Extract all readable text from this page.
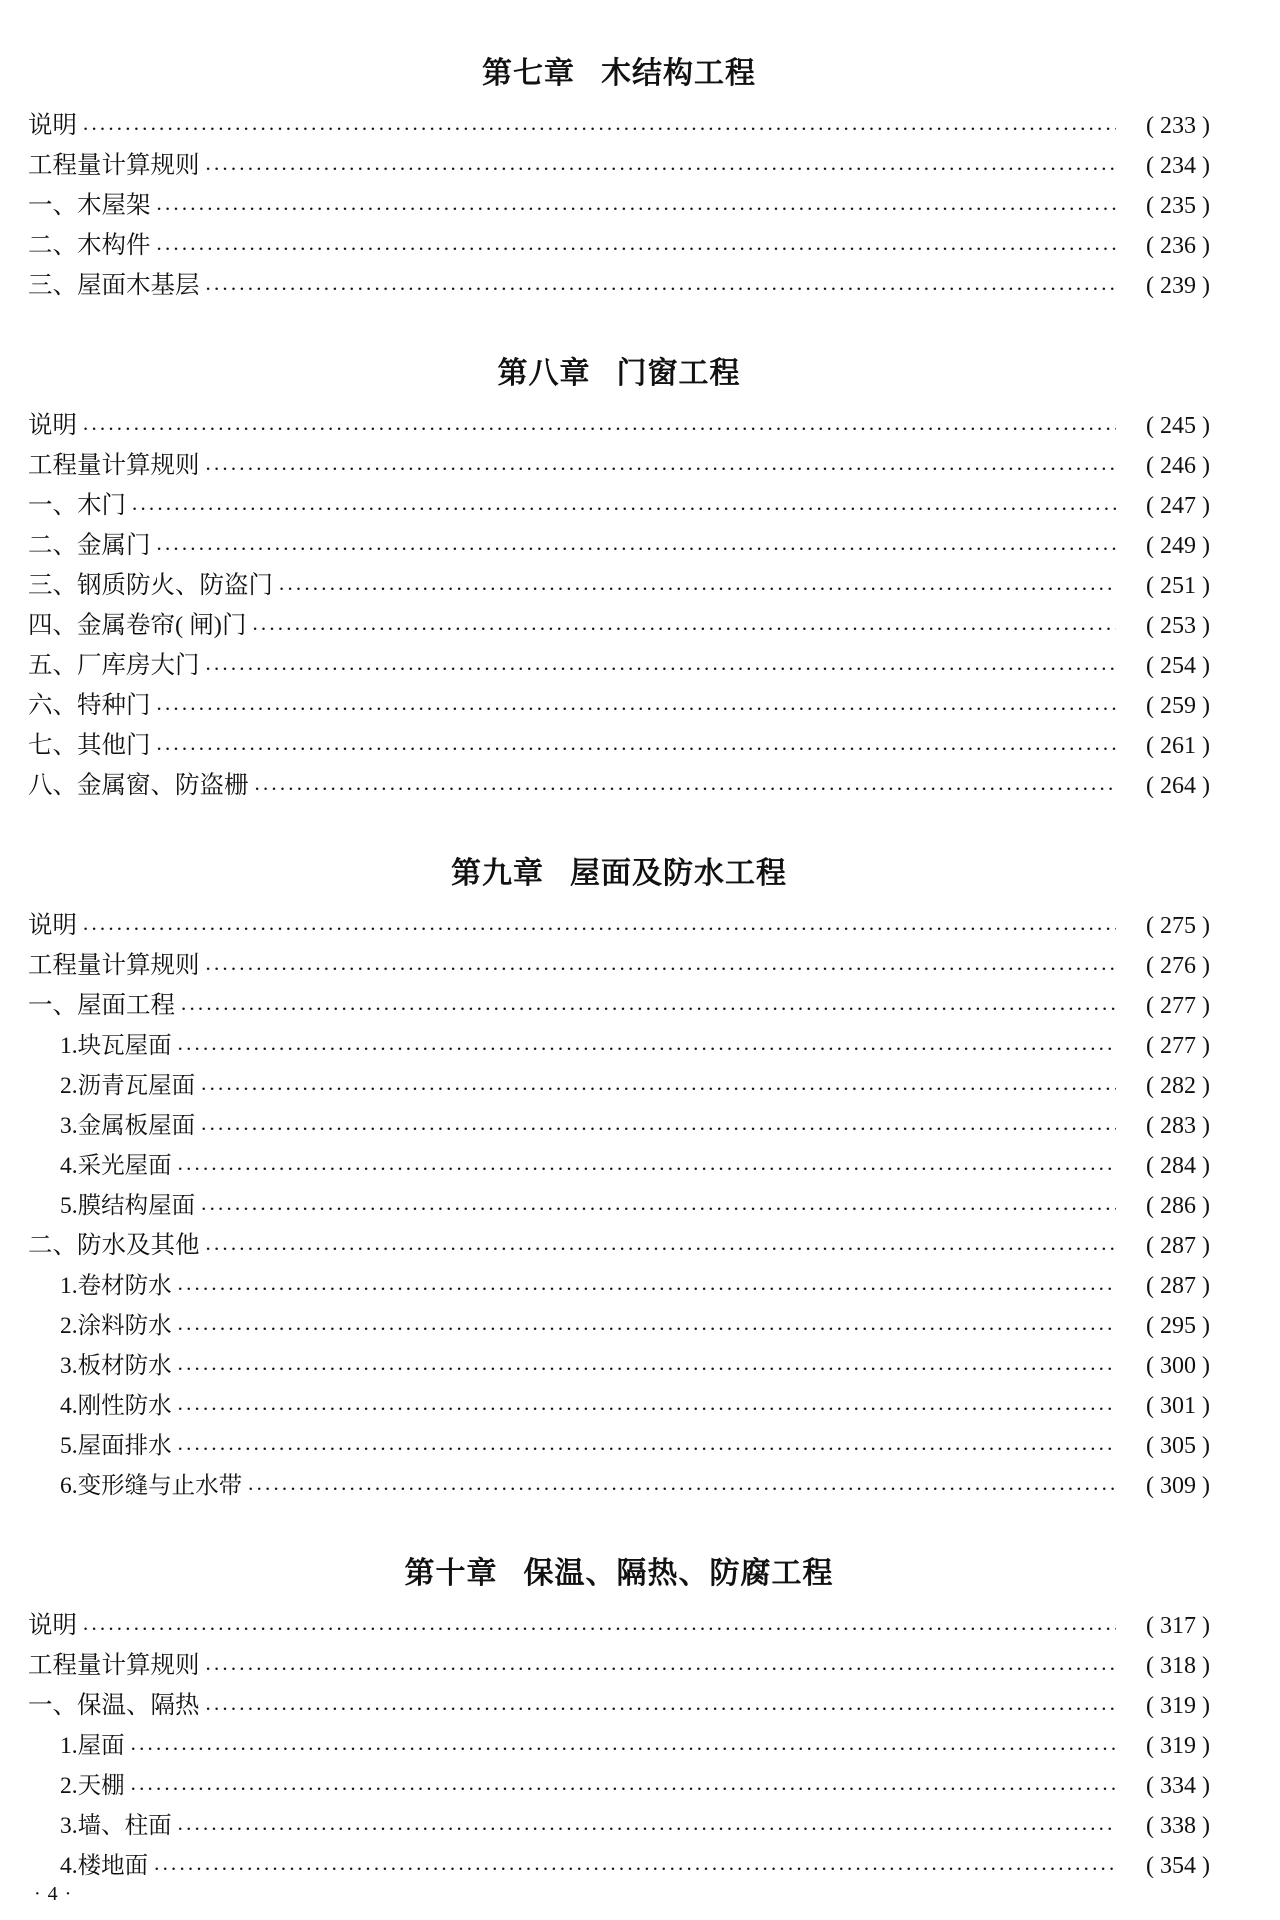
第七章 木结构工程
说明 .....	( 233 )
工程量计算规则 .....	( 234 )
一、木屋架 .....	( 235 )
二、木构件 .....	( 236 )
三、屋面木基层 .....	( 239 )
第八章 门窗工程
说明 .....	( 245 )
工程量计算规则 .....	( 246 )
一、木门 .....	( 247 )
二、金属门 .....	( 249 )
三、钢质防火、防盗门 .....	( 251 )
四、金属卷帘( 闸)门 .....	( 253 )
五、厂库房大门 .....	( 254 )
六、特种门 .....	( 259 )
七、其他门 .....	( 261 )
八、金属窗、防盗栅 .....	( 264 )
第九章 屋面及防水工程
说明 .....	( 275 )
工程量计算规则 .....	( 276 )
一、屋面工程 .....	( 277 )
1.块瓦屋面 .....	( 277 )
2.沥青瓦屋面 .....	( 282 )
3.金属板屋面 .....	( 283 )
4.采光屋面 .....	( 284 )
5.膜结构屋面 .....	( 286 )
二、防水及其他 .....	( 287 )
1.卷材防水 .....	( 287 )
2.涂料防水 .....	( 295 )
3.板材防水 .....	( 300 )
4.刚性防水 .....	( 301 )
5.屋面排水 .....	( 305 )
6.变形缝与止水带 .....	( 309 )
第十章 保温、隔热、防腐工程
说明 .....	( 317 )
工程量计算规则 .....	( 318 )
一、保温、隔热 .....	( 319 )
1.屋面 .....	( 319 )
2.天棚 .....	( 334 )
3.墙、柱面 .....	( 338 )
4.楼地面 .....	( 354 )
· 4 ·
